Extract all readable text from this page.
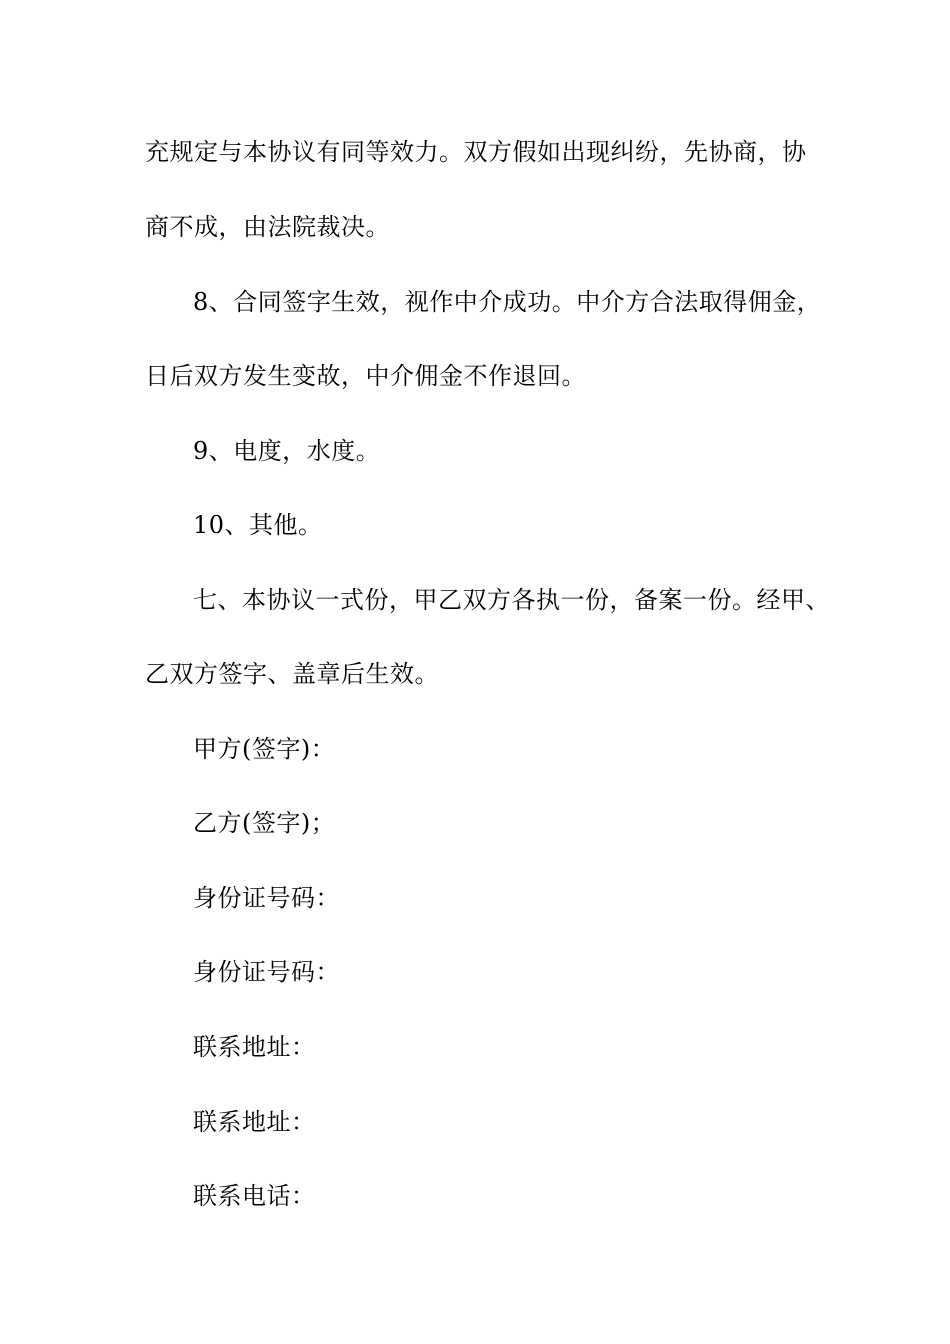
充规定与本协议有同等效力。双方假如出现纠纷，先协商，协
商不成，由法院裁决。
8、合同签字生效，视作中介成功。中介方合法取得佣金，
日后双方发生变故，中介佣金不作退回。
9、电度，水度。
10、其他。
七、本协议一式份，甲乙双方各执一份，备案一份。经甲、
乙双方签字、盖章后生效。
甲方(签字)：
乙方(签字)；
身份证号码：
身份证号码：
联系地址：
联系地址：
联系电话：
